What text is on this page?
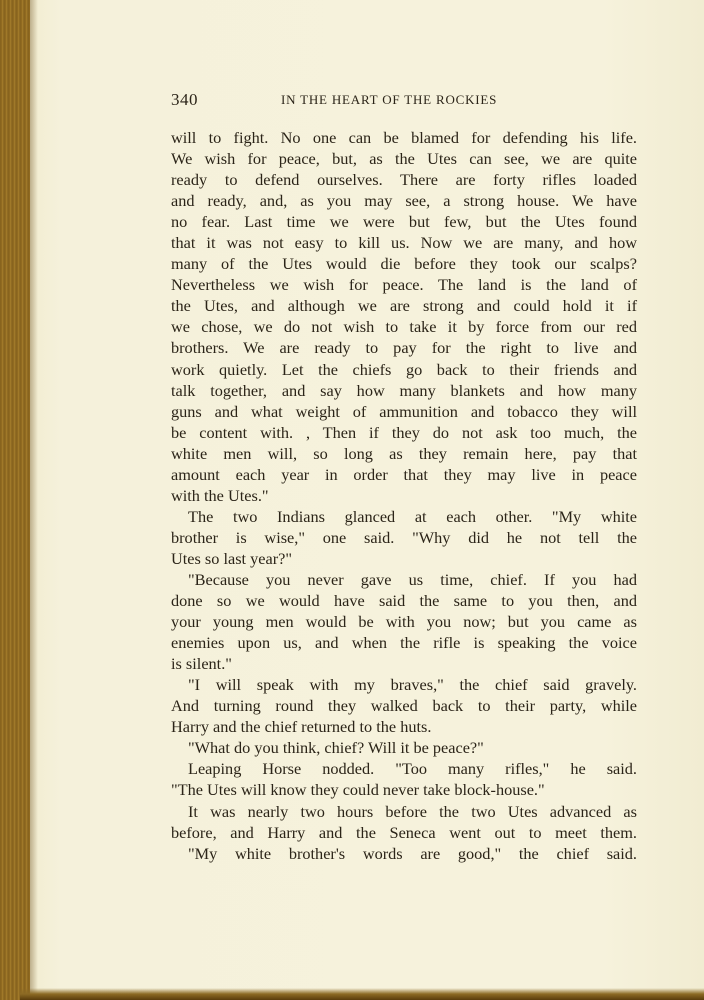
340	IN THE HEART OF THE ROCKIES
will to fight. No one can be blamed for defending his life.
We wish for peace, but, as the Utes can see, we are quite
ready to defend ourselves. There are forty rifles loaded
and ready, and, as you may see, a strong house. We have
no fear. Last time we were but few, but the Utes found
that it was not easy to kill us. Now we are many, and how
many of the Utes would die before they took our scalps?
Nevertheless we wish for peace. The land is the land of
the Utes, and although we are strong and could hold it if
we chose, we do not wish to take it by force from our red
brothers. We are ready to pay for the right to live and
work quietly. Let the chiefs go back to their friends and
talk together, and say how many blankets and how many
guns and what weight of ammunition and tobacco they will
be content with. , Then if they do not ask too much, the
white men will, so long as they remain here, pay that
amount each year in order that they may live in peace
with the Utes."
The two Indians glanced at each other. "My white
brother is wise," one said. "Why did he not tell the
Utes so last year?"
"Because you never gave us time, chief. If you had
done so we would have said the same to you then, and
your young men would be with you now; but you came as
enemies upon us, and when the rifle is speaking the voice
is silent."
"I will speak with my braves," the chief said gravely.
And turning round they walked back to their party, while
Harry and the chief returned to the huts.
"What do you think, chief? Will it be peace?"
Leaping Horse nodded. "Too many rifles," he said.
"The Utes will know they could never take block-house."
It was nearly two hours before the two Utes advanced as
before, and Harry and the Seneca went out to meet them.
"My white brother's words are good," the chief said.
